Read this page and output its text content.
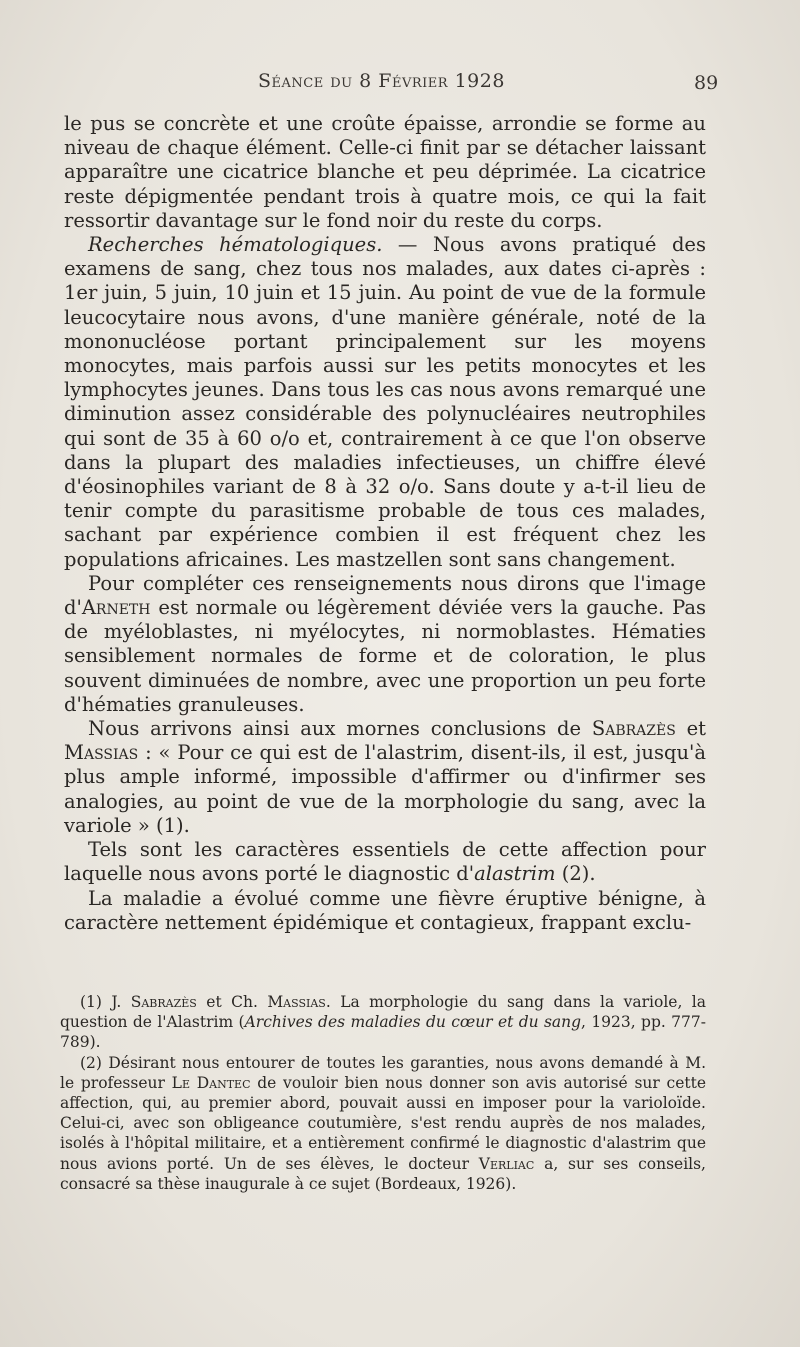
Séance du 8 Février 1928	89

le pus se concrète et une croûte épaisse, arrondie se forme au niveau de chaque élément. Celle-ci finit par se détacher laissant apparaître une cicatrice blanche et peu déprimée. La cicatrice reste dépigmentée pendant trois à quatre mois, ce qui la fait ressortir davantage sur le fond noir du reste du corps.

Recherches hématologiques. — Nous avons pratiqué des examens de sang, chez tous nos malades, aux dates ci-après : 1er juin, 5 juin, 10 juin et 15 juin. Au point de vue de la formule leucocytaire nous avons, d'une manière générale, noté de la mononucléose portant principalement sur les moyens monocytes, mais parfois aussi sur les petits monocytes et les lymphocytes jeunes. Dans tous les cas nous avons remarqué une diminution assez considérable des polynucléaires neutrophiles qui sont de 35 à 60 o/o et, contrairement à ce que l'on observe dans la plupart des maladies infectieuses, un chiffre élevé d'éosinophiles variant de 8 à 32 o/o. Sans doute y a-t-il lieu de tenir compte du parasitisme probable de tous ces malades, sachant par expérience combien il est fréquent chez les populations africaines. Les mastzellen sont sans changement.

Pour compléter ces renseignements nous dirons que l'image d'Arneth est normale ou légèrement déviée vers la gauche. Pas de myéloblastes, ni myélocytes, ni normoblastes. Hématies sensiblement normales de forme et de coloration, le plus souvent diminuées de nombre, avec une proportion un peu forte d'hématies granuleuses.

Nous arrivons ainsi aux mornes conclusions de Sabrazès et Massias : « Pour ce qui est de l'alastrim, disent-ils, il est, jusqu'à plus ample informé, impossible d'affirmer ou d'infirmer ses analogies, au point de vue de la morphologie du sang, avec la variole » (1).

Tels sont les caractères essentiels de cette affection pour laquelle nous avons porté le diagnostic d'alastrim (2).

La maladie a évolué comme une fièvre éruptive bénigne, à caractère nettement épidémique et contagieux, frappant exclu-

(1) J. Sabrazès et Ch. Massias. La morphologie du sang dans la variole, la question de l'Alastrim (Archives des maladies du cœur et du sang, 1923, pp. 777-789).

(2) Désirant nous entourer de toutes les garanties, nous avons demandé à M. le professeur Le Dantec de vouloir bien nous donner son avis autorisé sur cette affection, qui, au premier abord, pouvait aussi en imposer pour la varioloïde. Celui-ci, avec son obligeance coutumière, s'est rendu auprès de nos malades, isolés à l'hôpital militaire, et a entièrement confirmé le diagnostic d'alastrim que nous avions porté. Un de ses élèves, le docteur Verliac a, sur ses conseils, consacré sa thèse inaugurale à ce sujet (Bordeaux, 1926).
